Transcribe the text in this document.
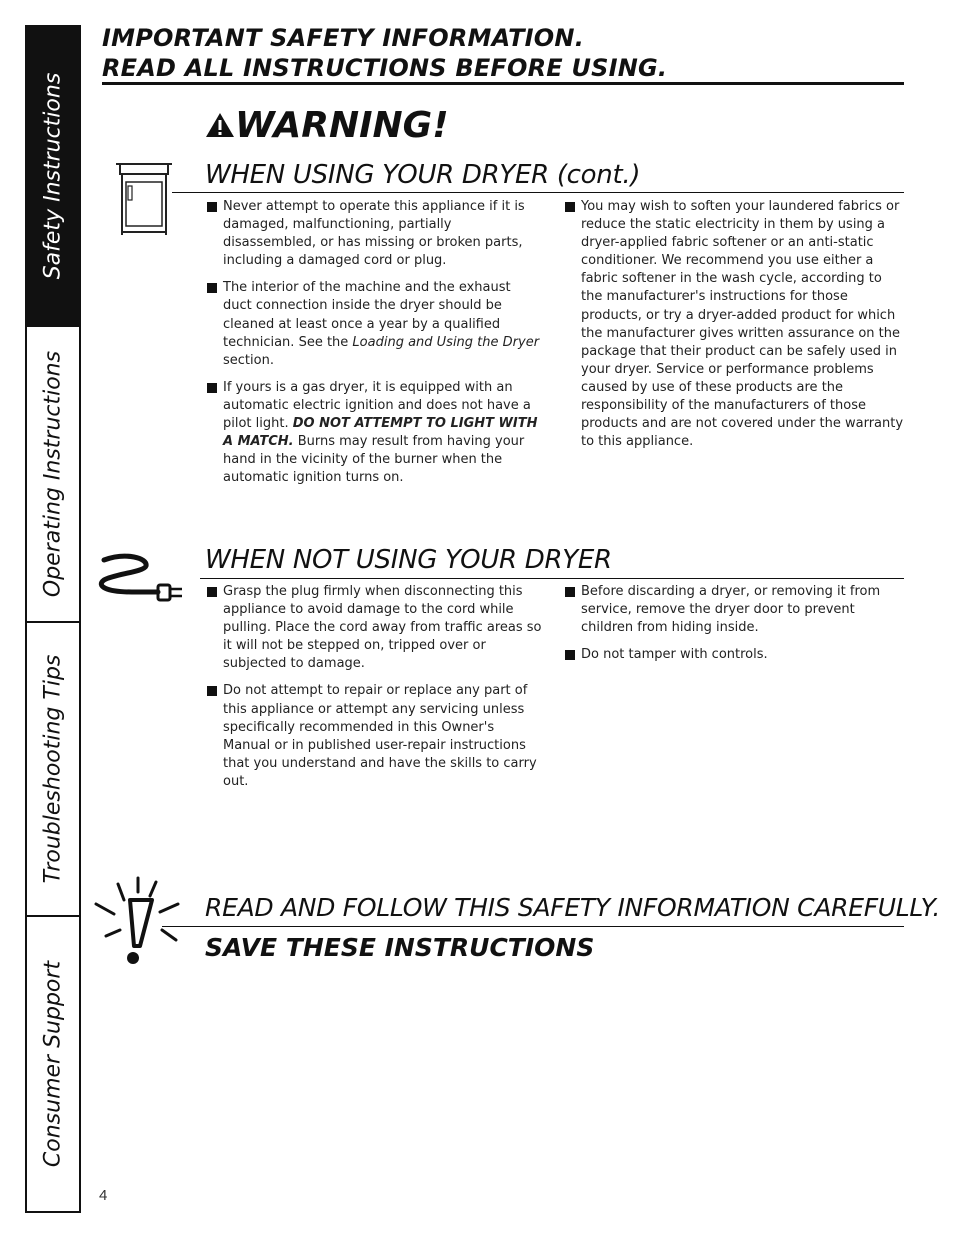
Safety Instructions
Operating Instructions
Troubleshooting Tips
Consumer Support
IMPORTANT SAFETY INFORMATION.
READ ALL INSTRUCTIONS BEFORE USING.
WARNING!
WHEN USING YOUR DRYER (cont.)

Never attempt to operate this appliance if it is damaged, malfunctioning, partially disassembled, or has missing or broken parts, including a damaged cord or plug.

The interior of the machine and the exhaust duct connection inside the dryer should be cleaned at least once a year by a qualified technician. See the Loading and Using the Dryer section.

If yours is a gas dryer, it is equipped with an automatic electric ignition and does not have a pilot light. DO NOT ATTEMPT TO LIGHT WITH A MATCH. Burns may result from having your hand in the vicinity of the burner when the automatic ignition turns on.

You may wish to soften your laundered fabrics or reduce the static electricity in them by using a dryer-applied fabric softener or an anti-static conditioner. We recommend you use either a fabric softener in the wash cycle, according to the manufacturer's instructions for those products, or try a dryer-added product for which the manufacturer gives written assurance on the package that their product can be safely used in your dryer. Service or performance problems caused by use of these products are the responsibility of the manufacturers of those products and are not covered under the warranty to this appliance.

WHEN NOT USING YOUR DRYER

Grasp the plug firmly when disconnecting this appliance to avoid damage to the cord while pulling. Place the cord away from traffic areas so it will not be stepped on, tripped over or subjected to damage.

Do not attempt to repair or replace any part of this appliance or attempt any servicing unless specifically recommended in this Owner's Manual or in published user-repair instructions that you understand and have the skills to carry out.

Before discarding a dryer, or removing it from service, remove the dryer door to prevent children from hiding inside.

Do not tamper with controls.

READ AND FOLLOW THIS SAFETY INFORMATION CAREFULLY.
SAVE THESE INSTRUCTIONS
4
